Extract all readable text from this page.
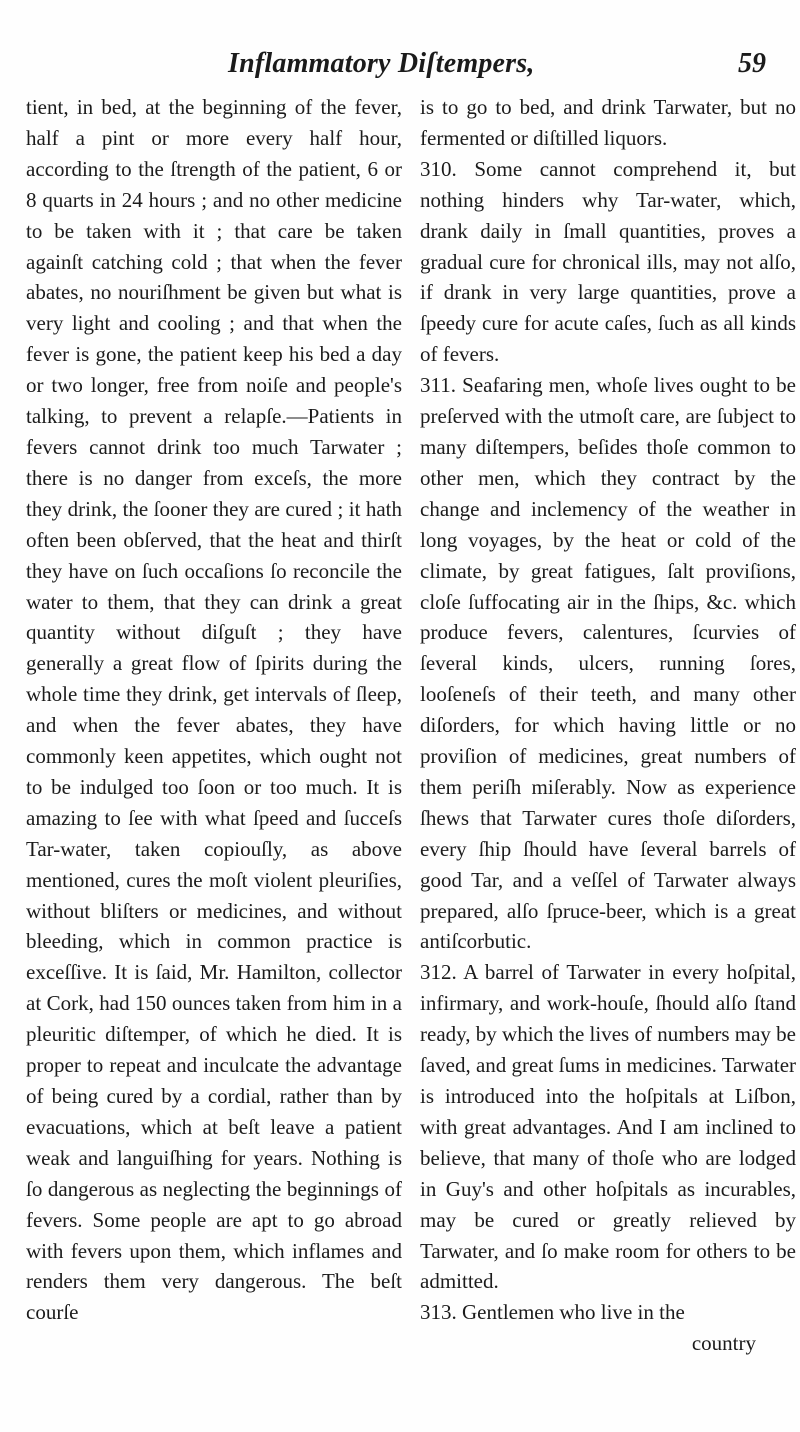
Inflammatory Diſtempers,	59

tient, in bed, at the beginning of the fever, half a pint or more every half hour, according to the ſtrength of the patient, 6 or 8 quarts in 24 hours ; and no other medicine to be taken with it ; that care be taken againſt catching cold ; that when the fever abates, no nouriſhment be given but what is very light and cooling ; and that when the fever is gone, the patient keep his bed a day or two longer, free from noiſe and people's talking, to prevent a relapſe.—Patients in fevers cannot drink too much Tarwater ; there is no danger from exceſs, the more they drink, the ſooner they are cured ; it hath often been obſerved, that the heat and thirſt they have on ſuch occaſions ſo reconcile the water to them, that they can drink a great quantity without diſguſt ; they have generally a great flow of ſpirits during the whole time they drink, get intervals of ſleep, and when the fever abates, they have commonly keen appetites, which ought not to be indulged too ſoon or too much. It is amazing to ſee with what ſpeed and ſucceſs Tar-water, taken copiouſly, as above mentioned, cures the moſt violent pleuriſies, without bliſters or medicines, and without bleeding, which in common practice is exceſſive. It is ſaid, Mr. Hamilton, collector at Cork, had 150 ounces taken from him in a pleuritic diſtemper, of which he died. It is proper to repeat and inculcate the advantage of being cured by a cordial, rather than by evacuations, which at beſt leave a patient weak and languiſhing for years. Nothing is ſo dangerous as neglecting the beginnings of fevers. Some people are apt to go abroad with fevers upon them, which inflames and renders them very dangerous. The beſt courſe

is to go to bed, and drink Tarwater, but no fermented or diſtilled liquors.

310. Some cannot comprehend it, but nothing hinders why Tar-water, which, drank daily in ſmall quantities, proves a gradual cure for chronical ills, may not alſo, if drank in very large quantities, prove a ſpeedy cure for acute caſes, ſuch as all kinds of fevers.

311. Seafaring men, whoſe lives ought to be preſerved with the utmoſt care, are ſubject to many diſtempers, beſides thoſe common to other men, which they contract by the change and inclemency of the weather in long voyages, by the heat or cold of the climate, by great fatigues, ſalt proviſions, cloſe ſuffocating air in the ſhips, &c. which produce fevers, calentures, ſcurvies of ſeveral kinds, ulcers, running ſores, looſeneſs of their teeth, and many other diſorders, for which having little or no proviſion of medicines, great numbers of them periſh miſerably. Now as experience ſhews that Tarwater cures thoſe diſorders, every ſhip ſhould have ſeveral barrels of good Tar, and a veſſel of Tarwater always prepared, alſo ſpruce-beer, which is a great antiſcorbutic.

312. A barrel of Tarwater in every hoſpital, infirmary, and work-houſe, ſhould alſo ſtand ready, by which the lives of numbers may be ſaved, and great ſums in medicines. Tarwater is introduced into the hoſpitals at Liſbon, with great advantages. And I am inclined to believe, that many of thoſe who are lodged in Guy's and other hoſpitals as incurables, may be cured or greatly relieved by Tarwater, and ſo make room for others to be admitted.

313. Gentlemen who live in the

country
